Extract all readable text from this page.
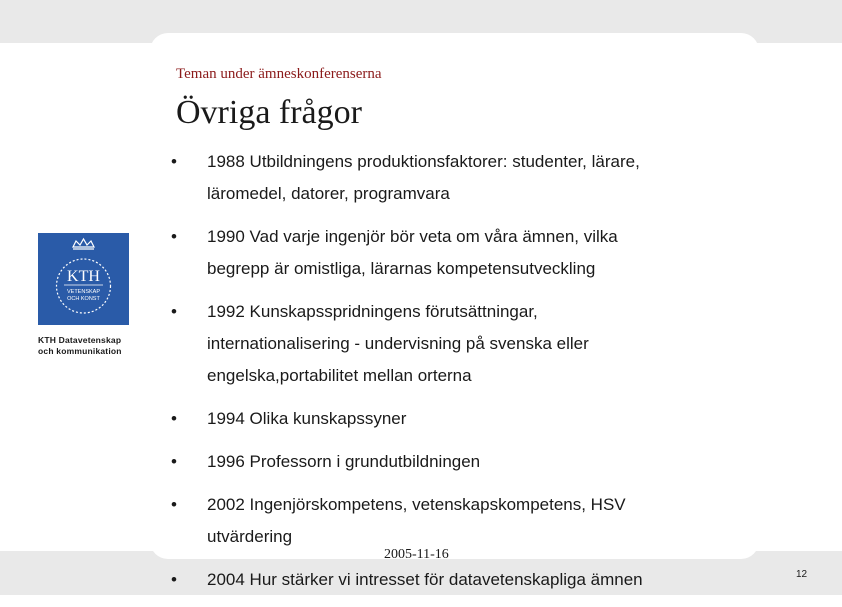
Teman under ämneskonferenserna
Övriga frågor
• 1988 Utbildningens produktionsfaktorer: studenter, lärare,
läromedel, datorer, programvara
• 1990 Vad varje ingenjör bör veta om våra ämnen, vilka
begrepp är omistliga, lärarnas kompetensutveckling
• 1992 Kunskapsspridningens förutsättningar,
internationalisering - undervisning på svenska eller
engelska,portabilitet mellan orterna
• 1994 Olika kunskapssyner
• 1996 Professorn i grundutbildningen
• 2002 Ingenjörskompetens, vetenskapskompetens, HSV
utvärdering
• 2004 Hur stärker vi intresset för datavetenskapliga ämnen
KTH
VETENSKAP
OCH KONST
KTH Datavetenskap
och kommunikation
2005-11-16
12
